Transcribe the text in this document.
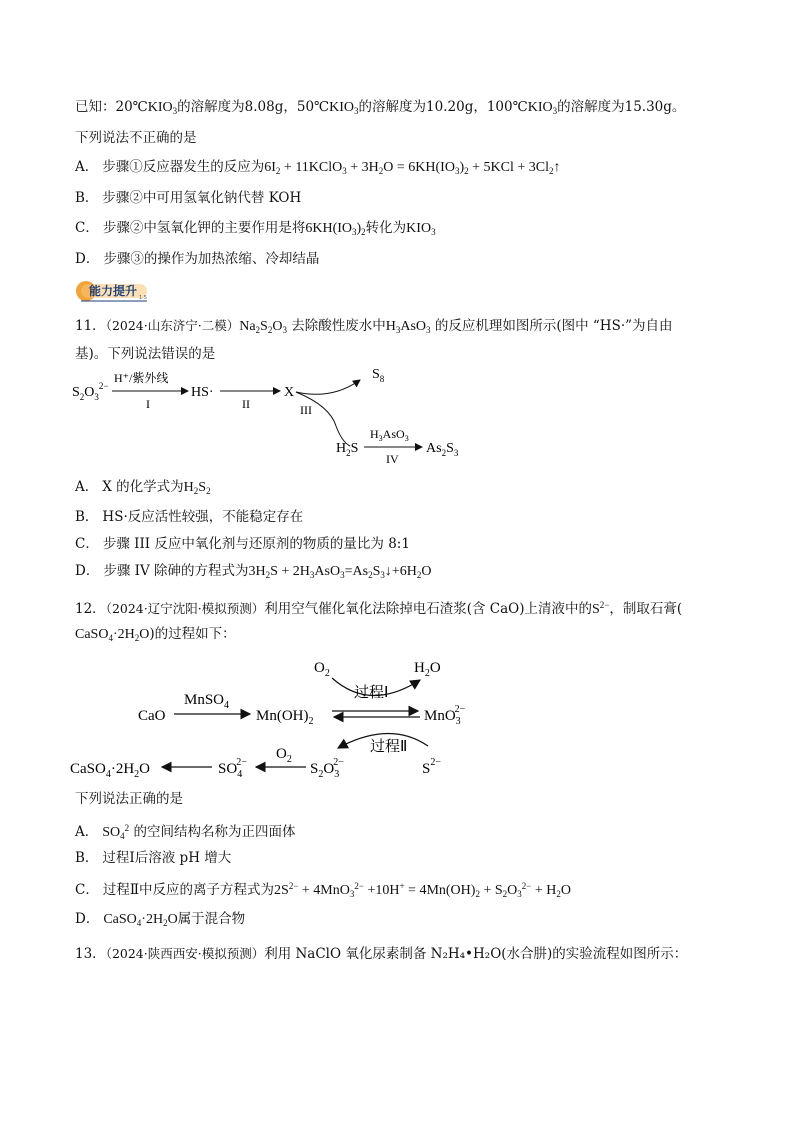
已知：$20℃KIO_3$的溶解度为8.08g，$50℃KIO_3$的溶解度为10.20g，$100℃KIO_3$的溶解度为15.30g。
下列说法不正确的是
A． 步骤①反应器发生的反应为$6I_2$ + 11KClO$_3$ + $3H_2O = 6KH(IO_3)_2 + 5KCl$ + $3Cl_2↑$
B． 步骤②中可用氢氧化钠代替 KOH
C． 步骤②中氢氧化钾的主要作用是将$6KH(IO_3)_2$转化为$KIO_3$
D． 步骤③的操作为加热浓缩、冷却结晶
能力提升 1·5
11．（2024·山东济宁·二模）$Na_2S_2O_3$ 去除酸性废水中$H_3AsO_3$ 的反应机理如图所示(图中 “HS·”为自由
基)。下列说法错误的是
$S_2O_3^{2-}$
H⁺/紫外线
I
HS·
II
X
III
$S_8$
$H_2S$
$H_3AsO_3$
IV
$As_2S_3$
A． X 的化学式为$H_2S_2$
B． HS·反应活性较强，不能稳定存在
C． 步骤 III 反应中氧化剂与还原剂的物质的量比为 8:1
D． 步骤 IV 除砷的方程式为$3H_2S$ + $2H_3AsO_3=As_2S_3↓+6H_2O$
12．（2024·辽宁沈阳·模拟预测）利用空气催化氧化法除掉电石渣浆(含 CaO)上清液中的$S^{2-}$，制取石膏(
$CaSO_4\cdot 2H_2O$)的过程如下：
$O_2$	$H_2O$
过程Ⅰ
MnSO$_4$
CaO	$Mn(OH)_2$	MnO$_3$2−
过程Ⅱ
$S^{2-}$
$O_2$
$S_2O_32-$
$SO_42-$
$CaSO_4\cdot 2H_2O$
下列说法正确的是
A． $SO_4^2$ 的空间结构名称为正四面体
B． 过程Ⅰ后溶液 pH 增大
C． 过程Ⅱ中反应的离子方程式为$2S^{2-} + 4MnO_3^{2-} +10H^+ = 4Mn(OH)_2 + S_2O_3^{2-} + H_2O$
D． $CaSO_4\cdot 2H_2O$属于混合物
13．（2024·陕西西安·模拟预测）利用 NaClO 氧化尿素制备 N₂H₄•H₂O(水合肼)的实验流程如图所示：
